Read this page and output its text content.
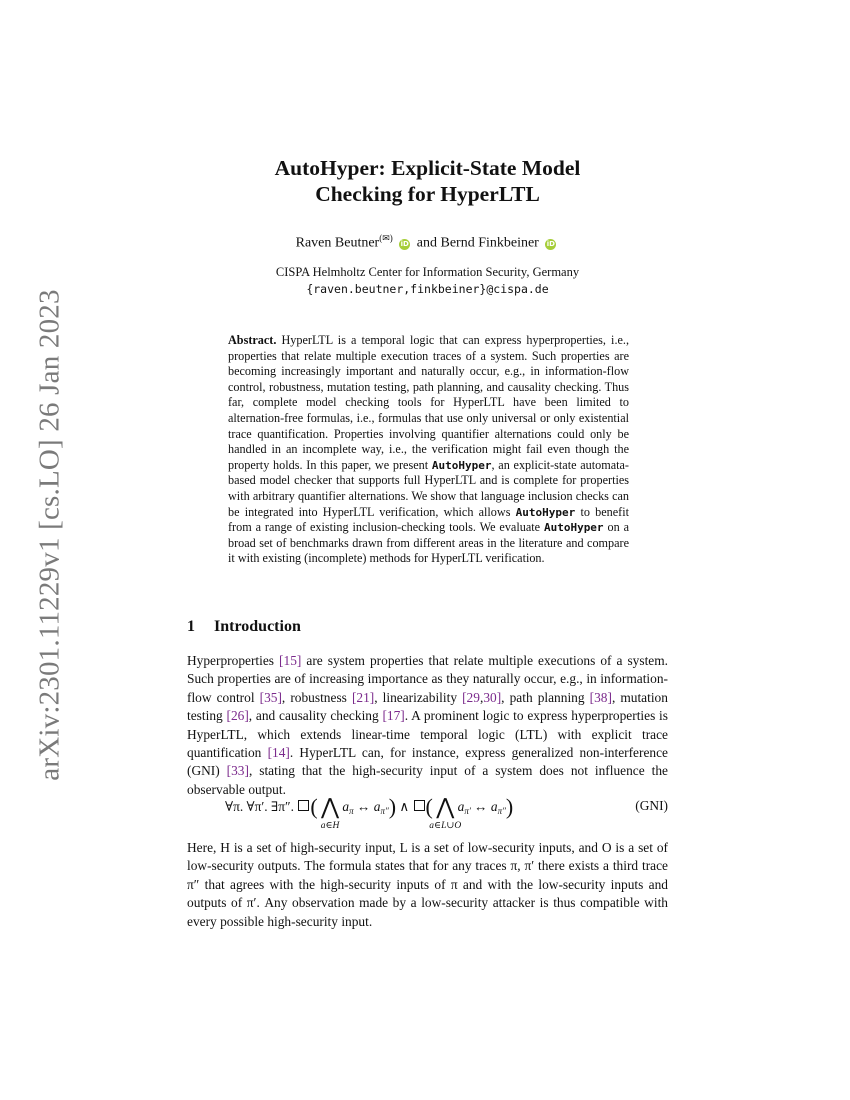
arXiv:2301.11229v1 [cs.LO] 26 Jan 2023
AutoHyper: Explicit-State Model
Checking for HyperLTL
Raven Beutner(✉) iD and Bernd Finkbeiner iD
CISPA Helmholtz Center for Information Security, Germany
{raven.beutner,finkbeiner}@cispa.de
Abstract. HyperLTL is a temporal logic that can express hyperproperties, i.e., properties that relate multiple execution traces of a system. Such properties are becoming increasingly important and naturally occur, e.g., in information-flow control, robustness, mutation testing, path planning, and causality checking. Thus far, complete model checking tools for HyperLTL have been limited to alternation-free formulas, i.e., formulas that use only universal or only existential trace quantification. Properties involving quantifier alternations could only be handled in an incomplete way, i.e., the verification might fail even though the property holds. In this paper, we present AutoHyper, an explicit-state automata-based model checker that supports full HyperLTL and is complete for properties with arbitrary quantifier alternations. We show that language inclusion checks can be integrated into HyperLTL verification, which allows AutoHyper to benefit from a range of existing inclusion-checking tools. We evaluate AutoHyper on a broad set of benchmarks drawn from different areas in the literature and compare it with existing (incomplete) methods for HyperLTL verification.
1 Introduction
Hyperproperties [15] are system properties that relate multiple executions of a system. Such properties are of increasing importance as they naturally occur, e.g., in information-flow control [35], robustness [21], linearizability [29,30], path planning [38], mutation testing [26], and causality checking [17]. A prominent logic to express hyperproperties is HyperLTL, which extends linear-time temporal logic (LTL) with explicit trace quantification [14]. HyperLTL can, for instance, express generalized non-interference (GNI) [33], stating that the high-security input of a system does not influence the observable output.
∀π. ∀π′. ∃π″. ( ⋀
a∈H
$a_\pi$ ↔ $a_{\pi''}$) ∧ ( ⋀
a∈L∪O
$a_{\pi'}$ ↔ $a_{\pi''}$)	(GNI)
Here, H is a set of high-security input, L is a set of low-security inputs, and O is a set of low-security outputs. The formula states that for any traces π, π′ there exists a third trace π″ that agrees with the high-security inputs of π and with the low-security inputs and outputs of π′. Any observation made by a low-security attacker is thus compatible with every possible high-security input.
